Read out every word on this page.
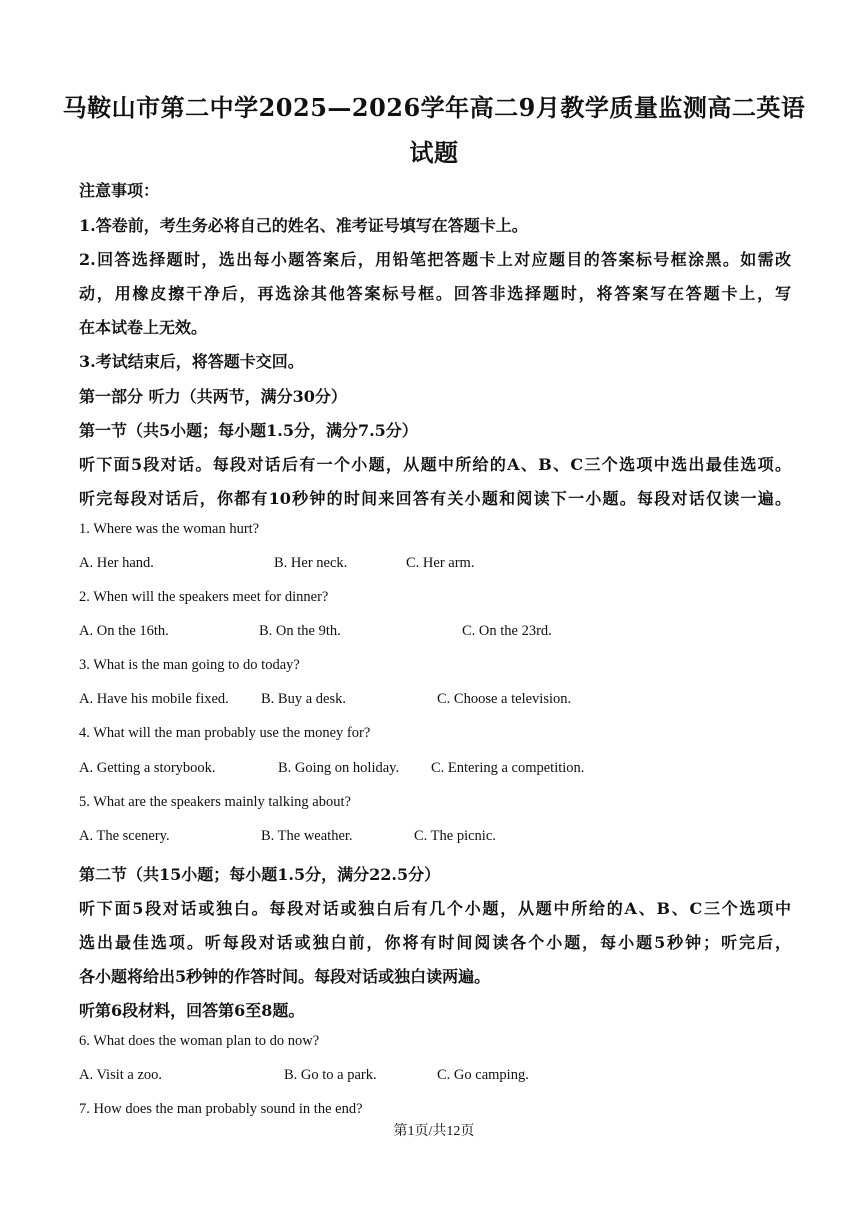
马鞍山市第二中学2025—2026学年高二9月教学质量监测高二英语
试题
注意事项：
1.答卷前，考生务必将自己的姓名、准考证号填写在答题卡上。
2.回答选择题时，选出每小题答案后，用铅笔把答题卡上对应题目的答案标号框涂黑。如需改
动，用橡皮擦干净后，再选涂其他答案标号框。回答非选择题时，将答案写在答题卡上，写
在本试卷上无效。
3.考试结束后，将答题卡交回。
第一部分 听力（共两节，满分30分）
第一节（共5小题；每小题1.5分，满分7.5分）
听下面5段对话。每段对话后有一个小题，从题中所给的A、B、C三个选项中选出最佳选项。
听完每段对话后，你都有10秒钟的时间来回答有关小题和阅读下一小题。每段对话仅读一遍。
1. Where was the woman hurt?
A. Her hand.	B. Her neck.	C. Her arm.
2. When will the speakers meet for dinner?
A. On the 16th.	B. On the 9th.	C. On the 23rd.
3. What is the man going to do today?
A. Have his mobile fixed. B. Buy a desk.	C. Choose a television.
4. What will the man probably use the money for?
A. Getting a storybook.	B. Going on holiday. C. Entering a competition.
5. What are the speakers mainly talking about?
A. The scenery.	B. The weather.	C. The picnic.
第二节（共15小题；每小题1.5分，满分22.5分）
听下面5段对话或独白。每段对话或独白后有几个小题，从题中所给的A、B、C三个选项中
选出最佳选项。听每段对话或独白前，你将有时间阅读各个小题，每小题5秒钟；听完后，
各小题将给出5秒钟的作答时间。每段对话或独白读两遍。
听第6段材料，回答第6至8题。
6. What does the woman plan to do now?
A. Visit a zoo.	B. Go to a park.	C. Go camping.
7. How does the man probably sound in the end?
第1页/共12页
